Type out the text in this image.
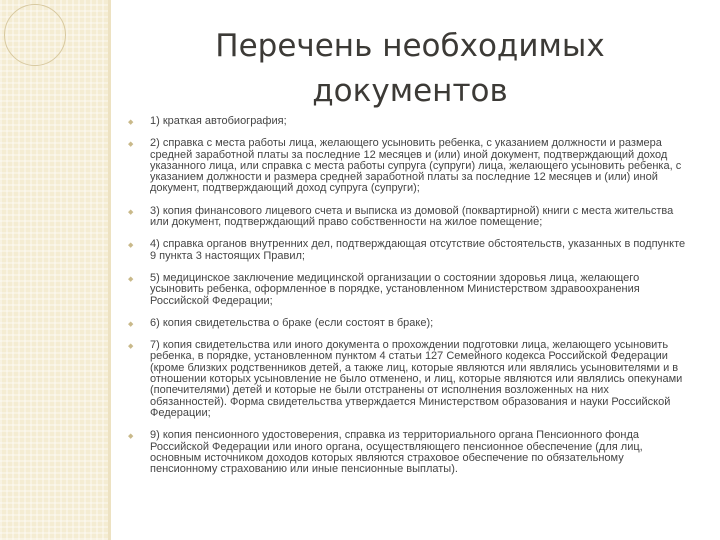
Перечень необходимых
документов
◆ 1) краткая автобиография;
◆ 2) справка с места работы лица, желающего усыновить ребенка, с указанием должности и размера средней заработной платы за последние 12 месяцев и (или) иной документ, подтверждающий доход указанного лица, или справка с места работы супруга (супруги) лица, желающего усыновить ребенка, с указанием должности и размера средней заработной платы за последние 12 месяцев и (или) иной документ, подтверждающий доход супруга (супруги);
◆ 3) копия финансового лицевого счета и выписка из домовой (поквартирной) книги с места жительства или документ, подтверждающий право собственности на жилое помещение;
◆ 4) справка органов внутренних дел, подтверждающая отсутствие обстоятельств, указанных в подпункте 9 пункта 3 настоящих Правил;
◆ 5) медицинское заключение медицинской организации о состоянии здоровья лица, желающего усыновить ребенка, оформленное в порядке, установленном Министерством здравоохранения Российской Федерации;
◆ 6) копия свидетельства о браке (если состоят в браке);
◆ 7) копия свидетельства или иного документа о прохождении подготовки лица, желающего усыновить ребенка, в порядке, установленном пунктом 4 статьи 127 Семейного кодекса Российской Федерации (кроме близких родственников детей, а также лиц, которые являются или являлись усыновителями и в отношении которых усыновление не было отменено, и лиц, которые являются или являлись опекунами (попечителями) детей и которые не были отстранены от исполнения возложенных на них обязанностей). Форма свидетельства утверждается Министерством образования и науки Российской Федерации;
◆ 9) копия пенсионного удостоверения, справка из территориального органа Пенсионного фонда Российской Федерации или иного органа, осуществляющего пенсионное обеспечение (для лиц, основным источником доходов которых являются страховое обеспечение по обязательному пенсионному страхованию или иные пенсионные выплаты).
